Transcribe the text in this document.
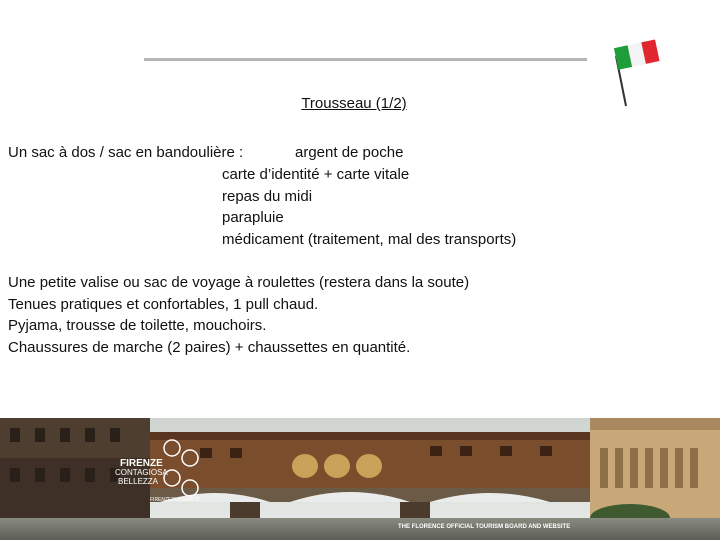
Trousseau (1/2)
Un sac à dos / sac en bandoulière :	argent de poche
carte d’identité + carte vitale
repas du midi
parapluie
médicament (traitement, mal des transports)
Une petite valise ou sac de voyage à roulettes (restera dans la soute)
Tenues pratiques et confortables, 1 pull chaud.
Pyjama, trousse de toilette, mouchoirs.
Chaussures de marche (2 paires) + chaussettes en quantité.
FIRENZE
CONTAGIOSA
BELLEZZA
FIRENZETURISMO.IT
THE FLORENCE OFFICIAL TOURISM BOARD AND WEBSITE
